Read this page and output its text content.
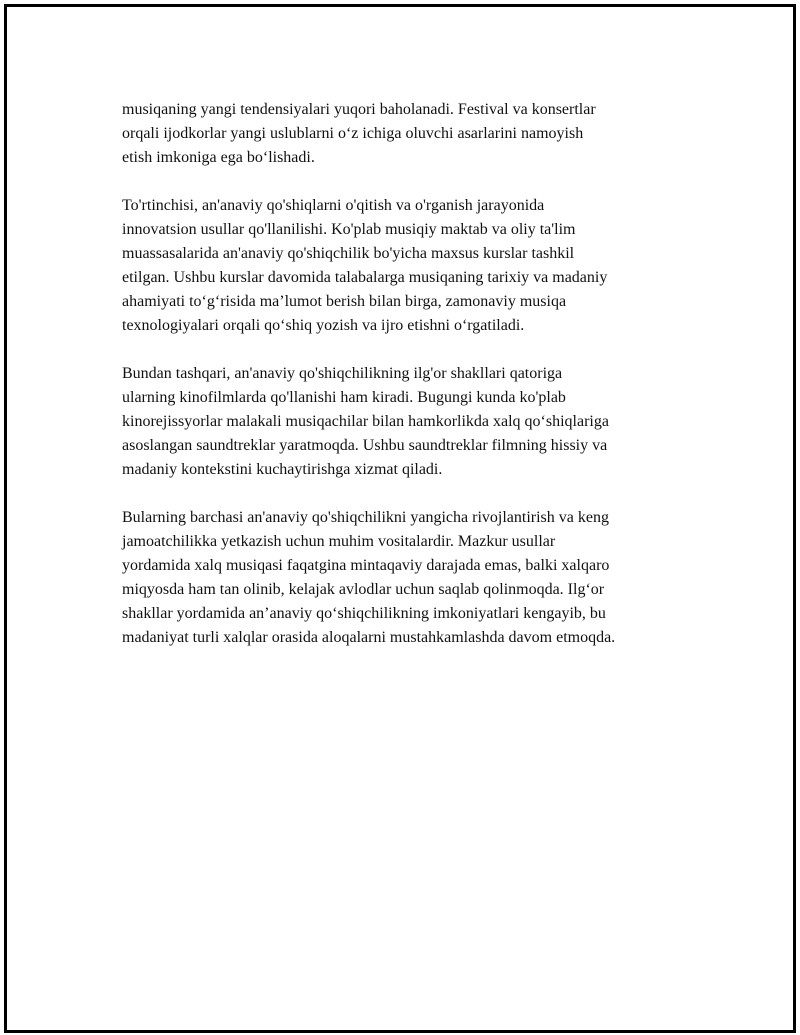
musiqaning yangi tendensiyalari yuqori baholanadi. Festival va konsertlar
orqali ijodkorlar yangi uslublarni o‘z ichiga oluvchi asarlarini namoyish
etish imkoniga ega bo‘lishadi.

To'rtinchisi, an'anaviy qo'shiqlarni o'qitish va o'rganish jarayonida
innovatsion usullar qo'llanilishi. Ko'plab musiqiy maktab va oliy ta'lim
muassasalarida an'anaviy qo'shiqchilik bo'yicha maxsus kurslar tashkil
etilgan. Ushbu kurslar davomida talabalarga musiqaning tarixiy va madaniy
ahamiyati to‘g‘risida ma’lumot berish bilan birga, zamonaviy musiqa
texnologiyalari orqali qo‘shiq yozish va ijro etishni o‘rgatiladi.

Bundan tashqari, an'anaviy qo'shiqchilikning ilg'or shakllari qatoriga
ularning kinofilmlarda qo'llanishi ham kiradi. Bugungi kunda ko'plab
kinorejissyorlar malakali musiqachilar bilan hamkorlikda xalq qo‘shiqlariga
asoslangan saundtreklar yaratmoqda. Ushbu saundtreklar filmning hissiy va
madaniy kontekstini kuchaytirishga xizmat qiladi.

Bularning barchasi an'anaviy qo'shiqchilikni yangicha rivojlantirish va keng
jamoatchilikka yetkazish uchun muhim vositalardir. Mazkur usullar
yordamida xalq musiqasi faqatgina mintaqaviy darajada emas, balki xalqaro
miqyosda ham tan olinib, kelajak avlodlar uchun saqlab qolinmoqda. Ilg‘or
shakllar yordamida an’anaviy qo‘shiqchilikning imkoniyatlari kengayib, bu
madaniyat turli xalqlar orasida aloqalarni mustahkamlashda davom etmoqda.
